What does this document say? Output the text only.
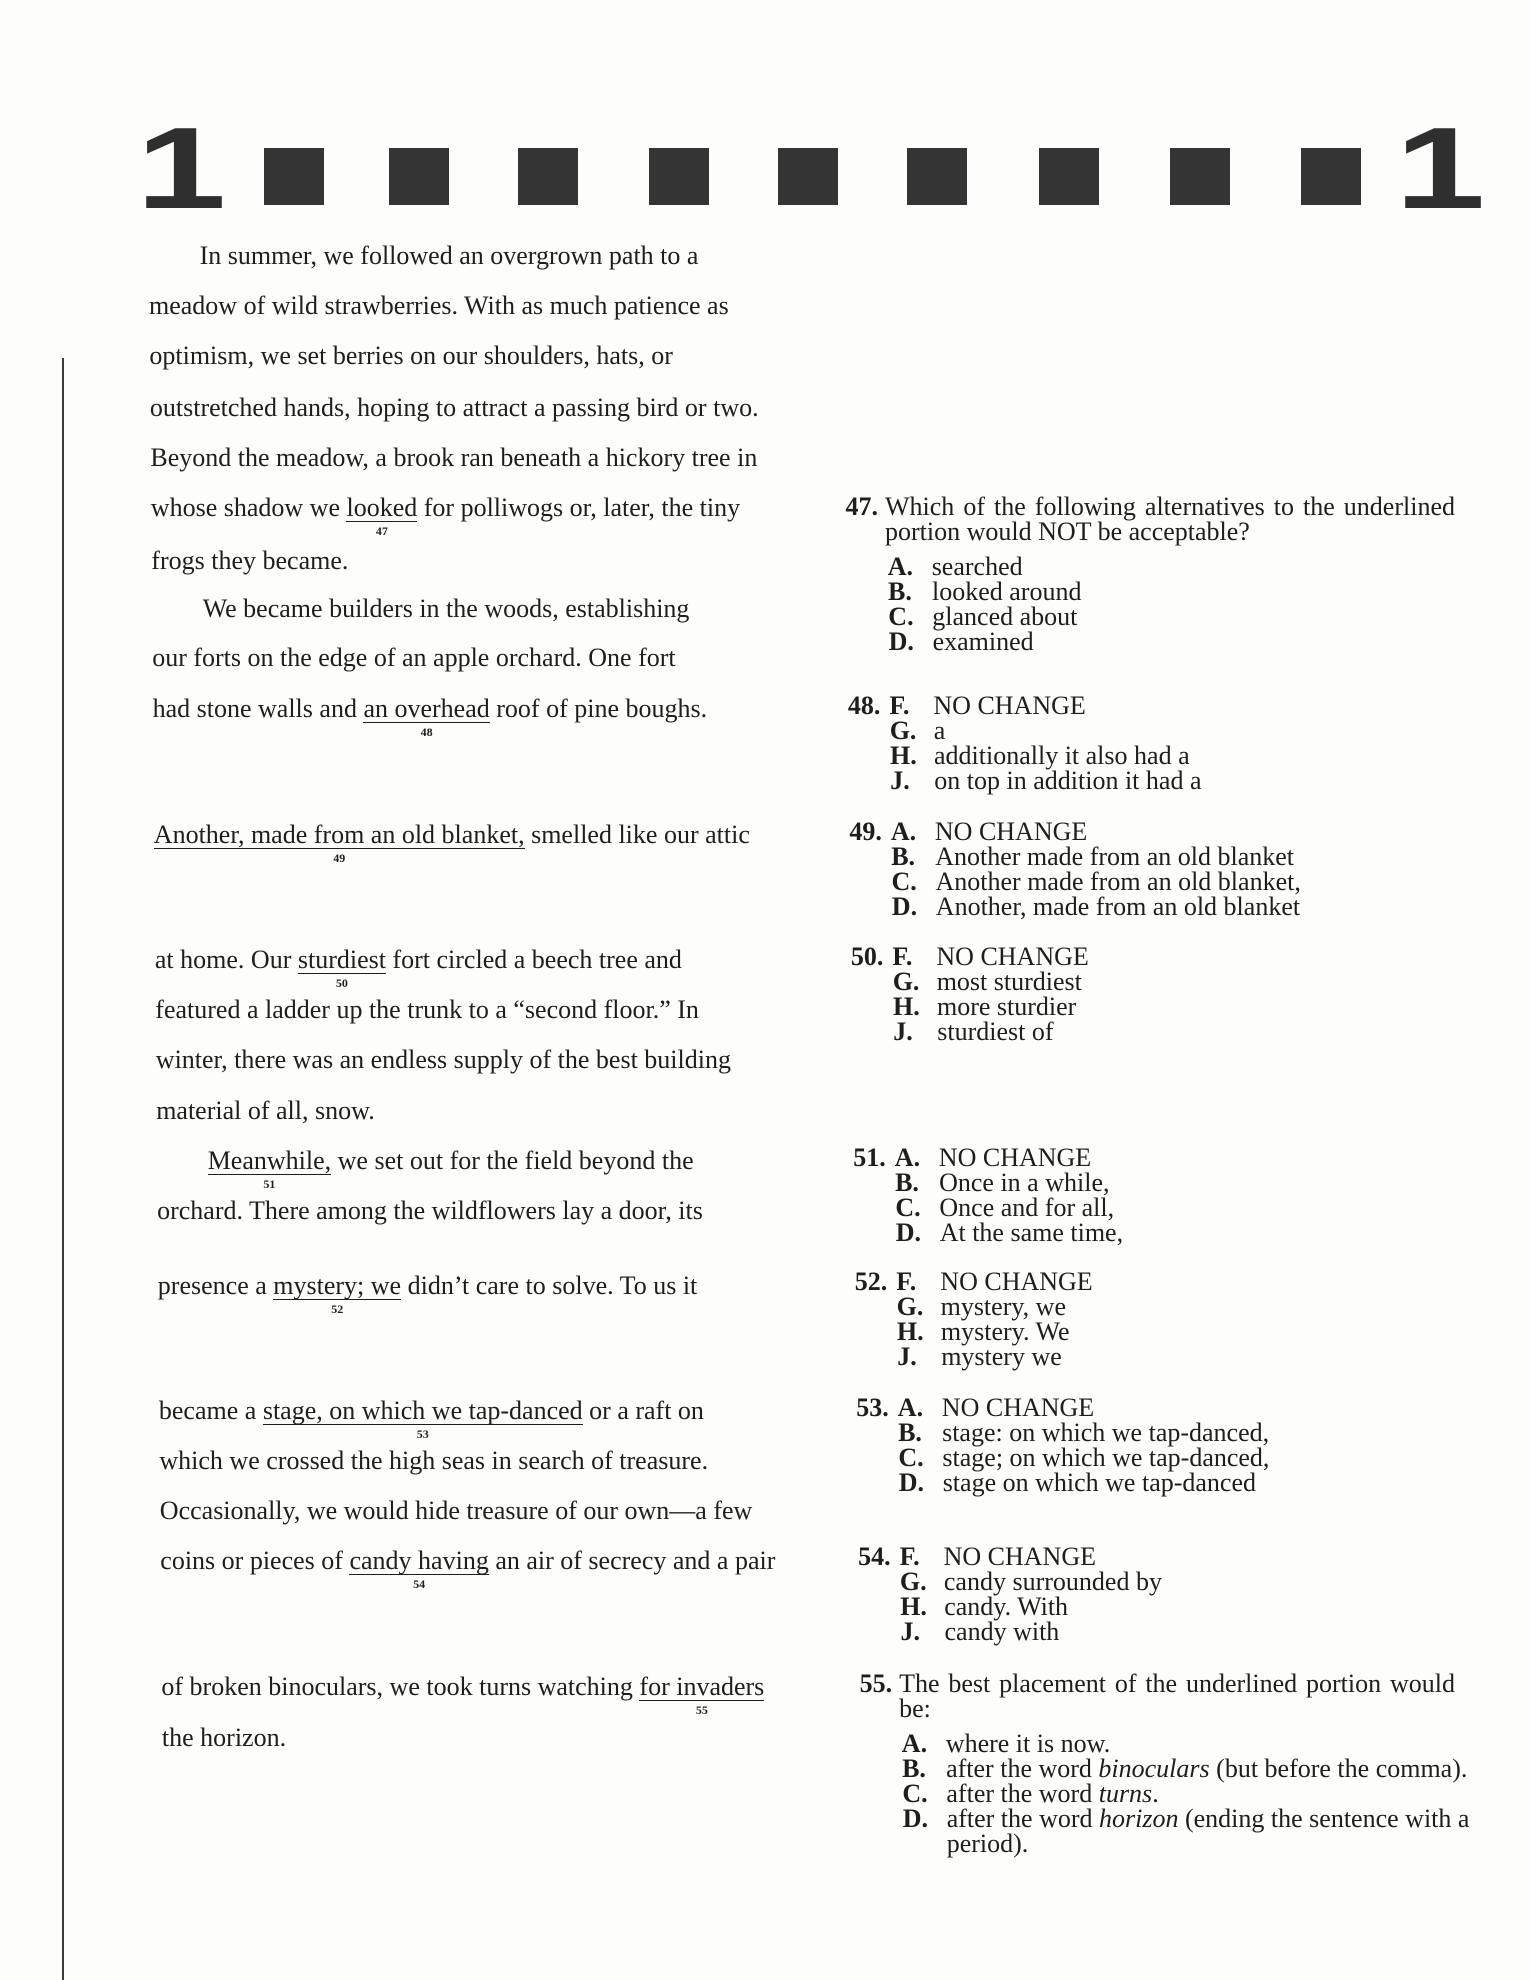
1	1
In summer, we followed an overgrown path to a
meadow of wild strawberries. With as much patience as
optimism, we set berries on our shoulders, hats, or
outstretched hands, hoping to attract a passing bird or two.
Beyond the meadow, a brook ran beneath a hickory tree in
whose shadow we looked
47
for polliwogs or, later, the tiny
frogs they became.
We became builders in the woods, establishing
our forts on the edge of an apple orchard. One fort
had stone walls and an overhead
48
roof of pine boughs.
Another, made from an old blanket,
49
smelled like our attic
at home. Our sturdiest
50
fort circled a beech tree and
featured a ladder up the trunk to a “second floor.” In
winter, there was an endless supply of the best building
material of all, snow.
Meanwhile,
51
we set out for the field beyond the
orchard. There among the wildflowers lay a door, its
presence a mystery; we
52
didn’t care to solve. To us it
became a stage, on which we tap-danced
53
or a raft on
which we crossed the high seas in search of treasure.
Occasionally, we would hide treasure of our own—a few
coins or pieces of candy having
54
an air of secrecy and a pair
of broken binoculars, we took turns watching for invaders
55
the horizon.
47. Which of the following alternatives to the underlined portion would NOT be acceptable?
A. searched
B. looked around
C. glanced about
D. examined
48. F. NO CHANGE
G. a
H. additionally it also had a
J. on top in addition it had a
49. A. NO CHANGE
B. Another made from an old blanket
C. Another made from an old blanket,
D. Another, made from an old blanket
50. F. NO CHANGE
G. most sturdiest
H. more sturdier
J. sturdiest of
51. A. NO CHANGE
B. Once in a while,
C. Once and for all,
D. At the same time,
52. F. NO CHANGE
G. mystery, we
H. mystery. We
J. mystery we
53. A. NO CHANGE
B. stage: on which we tap-danced,
C. stage; on which we tap-danced,
D. stage on which we tap-danced
54. F. NO CHANGE
G. candy surrounded by
H. candy. With
J. candy with
55. The best placement of the underlined portion would be:
A. where it is now.
B. after the word binoculars (but before the comma).
C. after the word turns.
D. after the word horizon (ending the sentence with a period).
